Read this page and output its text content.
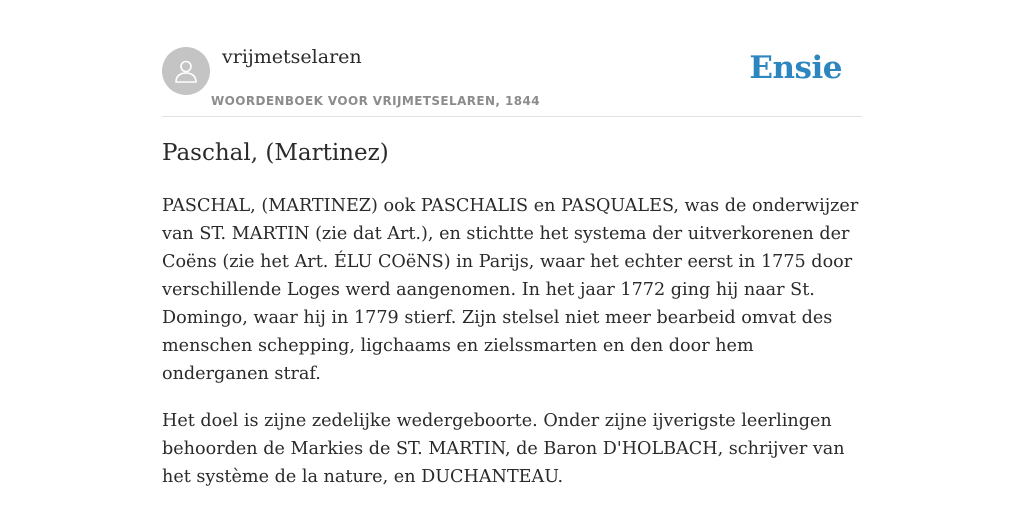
vrijmetselaren
WOORDENBOEK VOOR VRIJMETSELAREN, 1844
Ensie
Paschal, (Martinez)

PASCHAL, (MARTINEZ) ook PASCHALIS en PASQUALES, was de onderwijzer van ST. MARTIN (zie dat Art.), en stichtte het systema der uitverkorenen der Coëns (zie het Art. ÉLU COëNS) in Parijs, waar het echter eerst in 1775 door verschillende Loges werd aangenomen. In het jaar 1772 ging hij naar St. Domingo, waar hij in 1779 stierf. Zijn stelsel niet meer bearbeid omvat des menschen schepping, ligchaams en zielssmarten en den door hem onderganen straf.

Het doel is zijne zedelijke wedergeboorte. Onder zijne ijverigste leerlingen behoorden de Markies de ST. MARTIN, de Baron D'HOLBACH, schrijver van het système de la nature, en DUCHANTEAU.
